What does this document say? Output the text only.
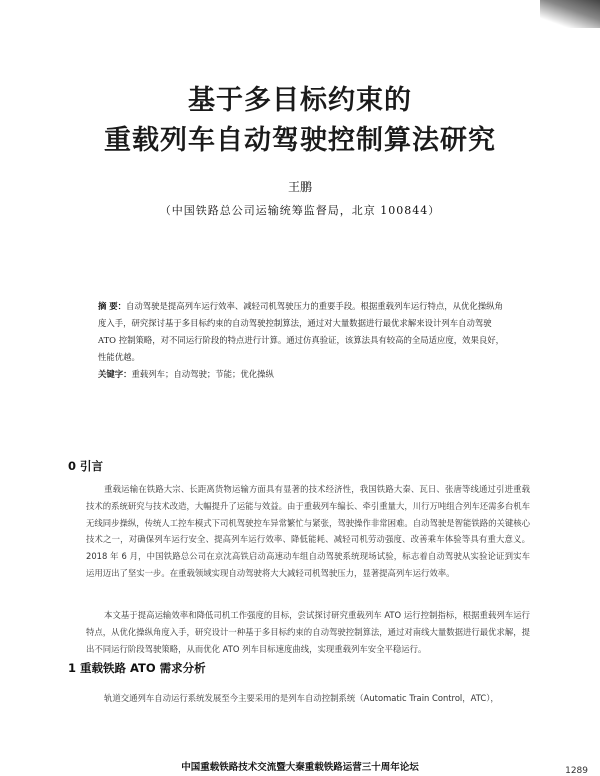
基于多目标约束的
重载列车自动驾驶控制算法研究
王鹏
（中国铁路总公司运输统筹监督局，北京 100844）
摘 要：自动驾驶是提高列车运行效率、减轻司机驾驶压力的重要手段。根据重载列车运行特点，从优化操纵角度入手，研究探讨基于多目标约束的自动驾驶控制算法，通过对大量数据进行最优求解来设计列车自动驾驶 ATO 控制策略，对不同运行阶段的特点进行计算。通过仿真验证，该算法具有较高的全局适应度，效果良好，性能优越。
关键字：重载列车；自动驾驶；节能；优化操纵
0 引言
重载运输在铁路大宗、长距离货物运输方面具有显著的技术经济性，我国铁路大秦、瓦日、张唐等线通过引进重载技术的系统研究与技术改造，大幅提升了运能与效益。由于重载列车编长、牵引重量大，川行万吨组合列车还需多台机车无线同步操纵，传统人工控车模式下司机驾驶控车异常繁忙与紧张，驾驶操作非常困难。自动驾驶是智能铁路的关键核心技术之一，对确保列车运行安全、提高列车运行效率、降低能耗、减轻司机劳动强度、改善乘车体验等具有重大意义。2018 年 6 月，中国铁路总公司在京沈高铁启动高速动车组自动驾驶系统现场试验，标志着自动驾驶从实验论证到实车运用迈出了坚实一步。在重载领域实现自动驾驶将大大减轻司机驾驶压力，显著提高列车运行效率。
本文基于提高运输效率和降低司机工作强度的目标，尝试探讨研究重载列车 ATO 运行控制指标，根据重载列车运行特点，从优化操纵角度入手，研究设计一种基于多目标约束的自动驾驶控制算法，通过对南线大量数据进行最优求解，提出不同运行阶段驾驶策略，从而优化 ATO 列车目标速度曲线，实现重载列车安全平稳运行。
1 重载铁路 ATO 需求分析
轨道交通列车自动运行系统发展至今主要采用的是列车自动控制系统（Automatic Train Control，ATC），
中国重载铁路技术交流暨大秦重载铁路运营三十周年论坛	1289
